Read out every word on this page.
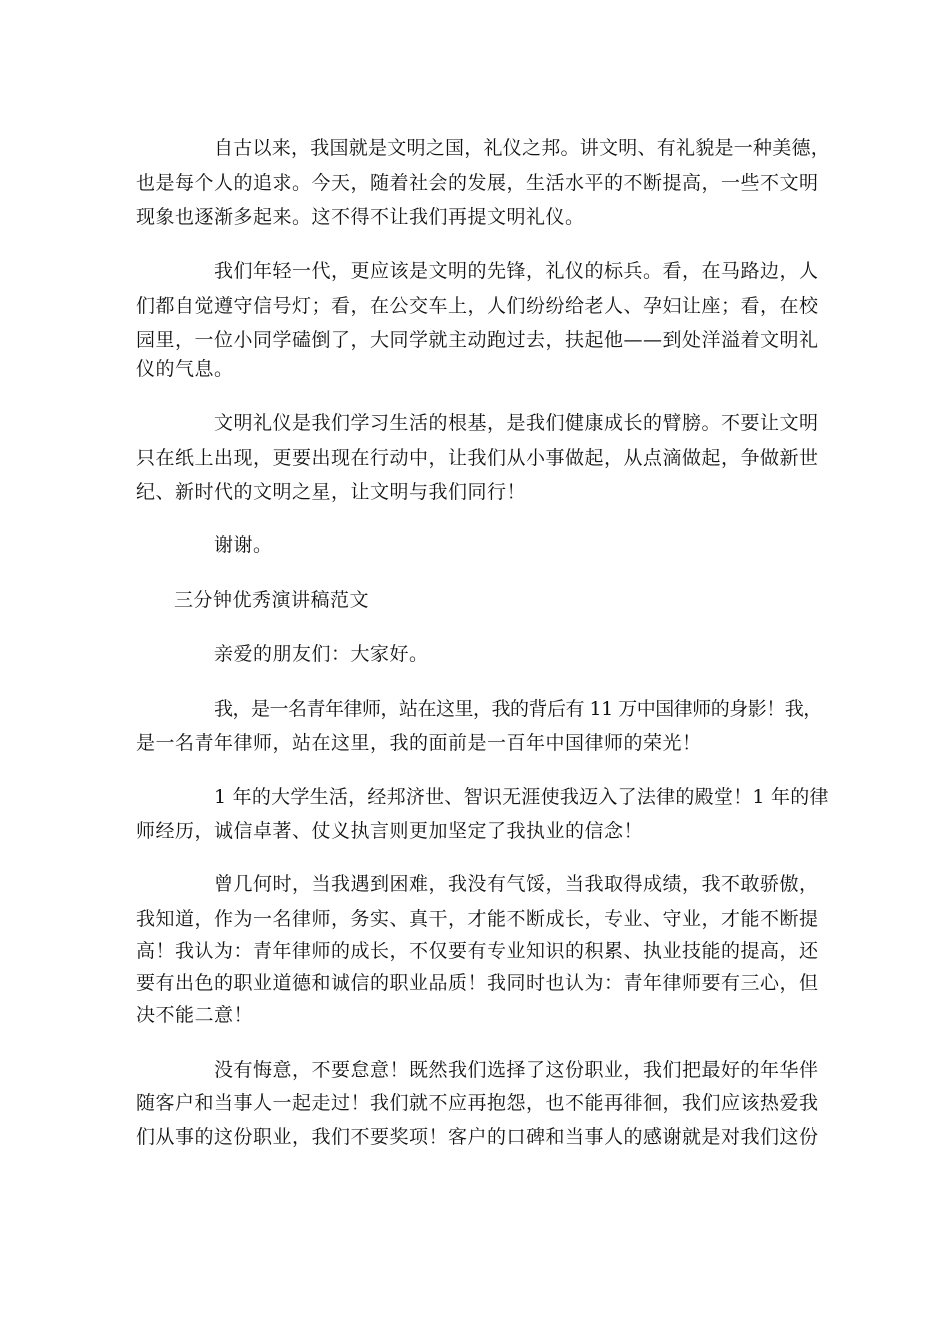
自古以来，我国就是文明之国，礼仪之邦。讲文明、有礼貌是一种美德，
也是每个人的追求。今天，随着社会的发展，生活水平的不断提高，一些不文明
现象也逐渐多起来。这不得不让我们再提文明礼仪。
我们年轻一代，更应该是文明的先锋，礼仪的标兵。看，在马路边，人
们都自觉遵守信号灯；看，在公交车上，人们纷纷给老人、孕妇让座；看，在校
园里，一位小同学磕倒了，大同学就主动跑过去，扶起他——到处洋溢着文明礼
仪的气息。
文明礼仪是我们学习生活的根基，是我们健康成长的臂膀。不要让文明
只在纸上出现，更要出现在行动中，让我们从小事做起，从点滴做起，争做新世
纪、新时代的文明之星，让文明与我们同行！
谢谢。
三分钟优秀演讲稿范文
亲爱的朋友们：大家好。
我，是一名青年律师，站在这里，我的背后有 11 万中国律师的身影！我，
是一名青年律师，站在这里，我的面前是一百年中国律师的荣光！
1 年的大学生活，经邦济世、智识无涯使我迈入了法律的殿堂！1 年的律
师经历，诚信卓著、仗义执言则更加坚定了我执业的信念！
曾几何时，当我遇到困难，我没有气馁，当我取得成绩，我不敢骄傲，
我知道，作为一名律师，务实、真干，才能不断成长，专业、守业，才能不断提
高！我认为：青年律师的成长，不仅要有专业知识的积累、执业技能的提高，还
要有出色的职业道德和诚信的职业品质！我同时也认为：青年律师要有三心，但
决不能二意！
没有悔意，不要怠意！既然我们选择了这份职业，我们把最好的年华伴
随客户和当事人一起走过！我们就不应再抱怨，也不能再徘徊，我们应该热爱我
们从事的这份职业，我们不要奖项！客户的口碑和当事人的感谢就是对我们这份
